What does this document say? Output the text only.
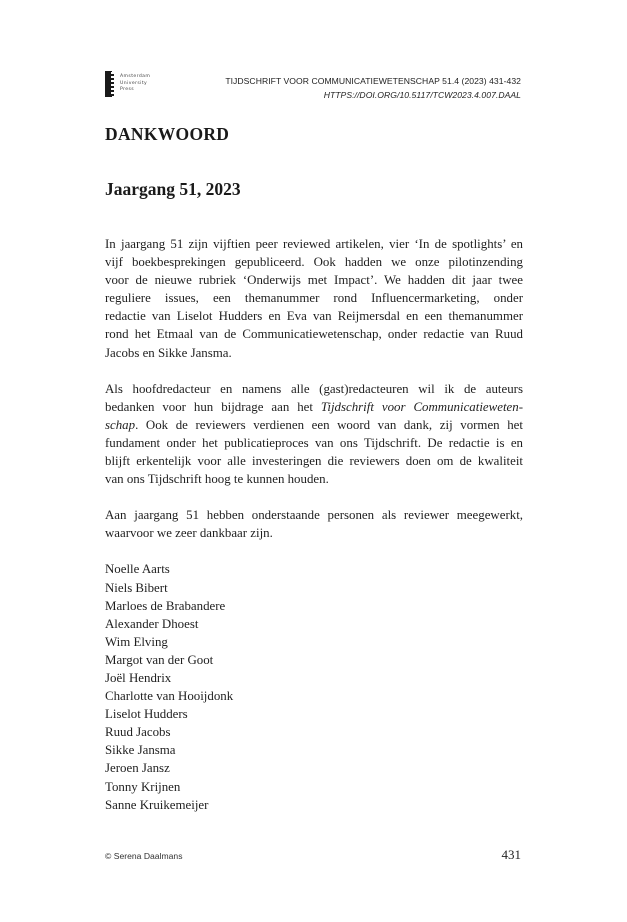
Amsterdam
University
Press
TIJDSCHRIFT VOOR COMMUNICATIEWETENSCHAP 51.4 (2023) 431-432
HTTPS://DOI.ORG/10.5117/TCW2023.4.007.DAAL
DANKWOORD
Jaargang 51, 2023

In jaargang 51 zijn vijftien peer reviewed artikelen, vier ‘In de spotlights’ en
vijf boekbesprekingen gepubliceerd. Ook hadden we onze pilotinzending
voor de nieuwe rubriek ‘Onderwijs met Impact’. We hadden dit jaar twee
reguliere issues, een themanummer rond Influencermarketing, onder
redactie van Liselot Hudders en Eva van Reijmersdal en een themanummer
rond het Etmaal van de Communicatiewetenschap, onder redactie van Ruud
Jacobs en Sikke Jansma.

Als hoofdredacteur en namens alle (gast)redacteuren wil ik de auteurs
bedanken voor hun bijdrage aan het Tijdschrift voor Communicatieweten-
schap. Ook de reviewers verdienen een woord van dank, zij vormen het
fundament onder het publicatieproces van ons Tijdschrift. De redactie is en
blijft erkentelijk voor alle investeringen die reviewers doen om de kwaliteit
van ons Tijdschrift hoog te kunnen houden.

Aan jaargang 51 hebben onderstaande personen als reviewer meegewerkt,
waarvoor we zeer dankbaar zijn.

Noelle Aarts
Niels Bibert
Marloes de Brabandere
Alexander Dhoest
Wim Elving
Margot van der Goot
Joël Hendrix
Charlotte van Hooijdonk
Liselot Hudders
Ruud Jacobs
Sikke Jansma
Jeroen Jansz
Tonny Krijnen
Sanne Kruikemeijer
© Serena Daalmans	431
